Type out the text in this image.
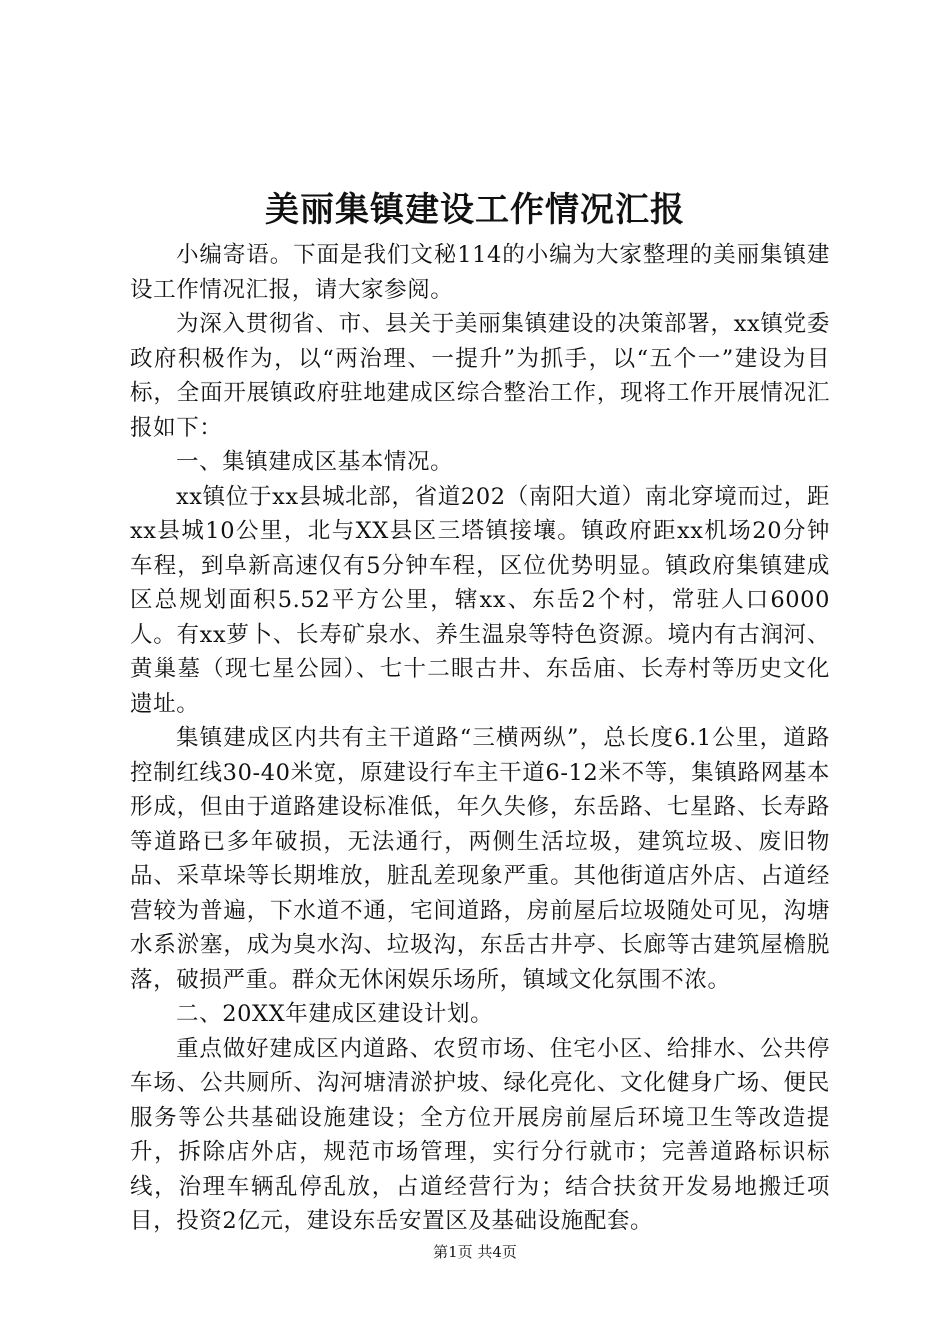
美丽集镇建设工作情况汇报

小编寄语。下面是我们文秘114的小编为大家整理的美丽集镇建设工作情况汇报，请大家参阅。

为深入贯彻省、市、县关于美丽集镇建设的决策部署，xx镇党委政府积极作为，以“两治理、一提升”为抓手，以“五个一”建设为目标，全面开展镇政府驻地建成区综合整治工作，现将工作开展情况汇报如下：

一、集镇建成区基本情况。

xx镇位于xx县城北部，省道202（南阳大道）南北穿境而过，距xx县城10公里，北与XX县区三塔镇接壤。镇政府距xx机场20分钟车程，到阜新高速仅有5分钟车程，区位优势明显。镇政府集镇建成区总规划面积5.52平方公里，辖xx、东岳2个村，常驻人口6000人。有xx萝卜、长寿矿泉水、养生温泉等特色资源。境内有古润河、黄巢墓（现七星公园）、七十二眼古井、东岳庙、长寿村等历史文化遗址。

集镇建成区内共有主干道路“三横两纵”，总长度6.1公里，道路控制红线30-40米宽，原建设行车主干道6-12米不等，集镇路网基本形成，但由于道路建设标准低，年久失修，东岳路、七星路、长寿路等道路已多年破损，无法通行，两侧生活垃圾，建筑垃圾、废旧物品、采草垛等长期堆放，脏乱差现象严重。其他街道店外店、占道经营较为普遍，下水道不通，宅间道路，房前屋后垃圾随处可见，沟塘水系淤塞，成为臭水沟、垃圾沟，东岳古井亭、长廊等古建筑屋檐脱落，破损严重。群众无休闲娱乐场所，镇域文化氛围不浓。

二、20XX年建成区建设计划。

重点做好建成区内道路、农贸市场、住宅小区、给排水、公共停车场、公共厕所、沟河塘清淤护坡、绿化亮化、文化健身广场、便民服务等公共基础设施建设；全方位开展房前屋后环境卫生等改造提升，拆除店外店，规范市场管理，实行分行就市；完善道路标识标线，治理车辆乱停乱放，占道经营行为；结合扶贫开发易地搬迁项目，投资2亿元，建设东岳安置区及基础设施配套。

第1页 共4页
